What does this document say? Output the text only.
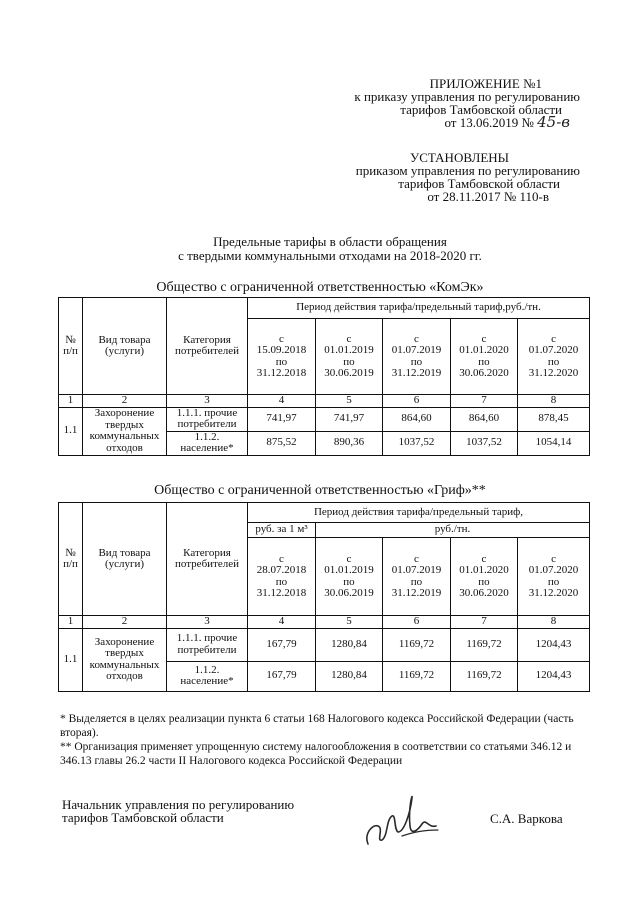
ПРИЛОЖЕНИЕ №1
к приказу управления по регулированию
тарифов Тамбовской области
от 13.06.2019 № 45-в
УСТАНОВЛЕНЫ
приказом управления по регулированию
тарифов Тамбовской области
от 28.11.2017 № 110-в
Предельные тарифы в области обращения
с твердыми коммунальными отходами на 2018-2020 гг.
Общество с ограниченной ответственностью «КомЭк»
№ п/п	Вид товара (услуги)	Категория потребителей	Период действия тарифа/предельный тариф,руб./тн.				
			с
15.09.2018
по
31.12.2018	с
01.01.2019
по
30.06.2019	с
01.07.2019
по
31.12.2019	с
01.01.2020
по
30.06.2020	с
01.07.2020
по
31.12.2020
1	2	3	4	5	6	7	8
1.1	Захоронение твердых коммунальных отходов	1.1.1. прочие потребители	741,97	741,97	864,60	864,60	878,45
		1.1.2. население*	875,52	890,36	1037,52	1037,52	1054,14
Общество с ограниченной ответственностью «Гриф»**
№ п/п	Вид товара (услуги)	Категория потребителей	Период действия тарифа/предельный тариф,				
			руб. за 1 м³	руб./тн.			
			с
28.07.2018
по
31.12.2018	с
01.01.2019
по
30.06.2019	с
01.07.2019
по
31.12.2019	с
01.01.2020
по
30.06.2020	с
01.07.2020
по
31.12.2020
1	2	3	4	5	6	7	8
1.1	Захоронение твердых коммунальных отходов	1.1.1. прочие потребители	167,79	1280,84	1169,72	1169,72	1204,43
		1.1.2. население*	167,79	1280,84	1169,72	1169,72	1204,43
* Выделяется в целях реализации пункта 6 статьи 168 Налогового кодекса Российской Федерации (часть вторая).
** Организация применяет упрощенную систему налогообложения в соответствии со статьями 346.12 и 346.13 главы 26.2 части II Налогового кодекса Российской Федерации
Начальник управления по регулированию
тарифов Тамбовской области	С.А. Варкова
